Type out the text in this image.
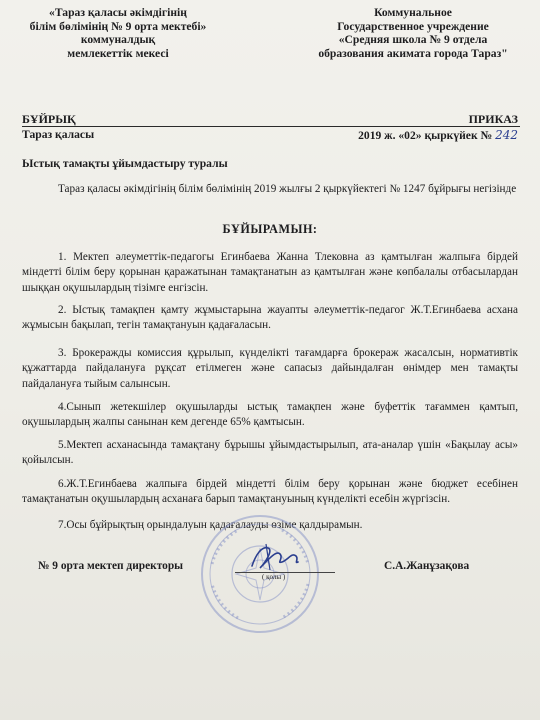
«Тараз қаласы әкімдігінің
білім бөлімінің № 9 орта мектебі»
коммуналдық
мемлекеттік мекесі
Коммунальное
Государственное учреждение
«Средняя школа № 9 отдела
образования акимата города Тараз"
БҰЙРЫҚ	ПРИКАЗ
Тараз қаласы	2019 ж. «02» қыркүйек № 242
Ыстық тамақты ұйымдастыру туралы
Тараз қаласы әкімдігінің білім бөлімінің 2019 жылғы 2 қыркүйектегі № 1247 бұйрығы негізінде
БҰЙЫРАМЫН:
1. Мектеп әлеуметтік-педагогы Егинбаева Жанна Тлековна аз қамтылған жалпыға бірдей міндетті білім беру қорынан қаражатынан тамақтанатын аз қамтылған және көпбалалы отбасылардан шыққан оқушылардың тізімге енгізсін.
2. Ыстық тамақпен қамту жұмыстарына жауапты әлеуметтік-педагог Ж.Т.Егинбаева асхана жұмысын бақылап, тегін тамақтануын қадағаласын.
3. Брокеражды комиссия құрылып, күнделікті тағамдарға брокераж жасалсын, нормативтік құжаттарда пайдалануға рұқсат етілмеген және сапасыз дайындалған өнімдер мен тамақты пайдалануға тыйым салынсын.
4.Сынып жетекшілер оқушыларды ыстық тамақпен және буфеттік тағаммен қамтып, оқушылардың жалпы санынан кем дегенде 65% қамтысын.
5.Мектеп асханасында тамақтану бұрышы ұйымдастырылып, ата-аналар үшін «Бақылау асы» қойылсын.
6.Ж.Т.Егинбаева жалпыға бірдей міндетті білім беру қорынан және бюджет есебінен тамақтанатын оқушылардың асханаға барып тамақтануының күнделікті есебін жүргізсін.
7.Осы бұйрықтың орындалуын қадағалауды өзіме қалдырамын.
№ 9 орта мектеп директоры
( қолы )
С.А.Жанұзақова
